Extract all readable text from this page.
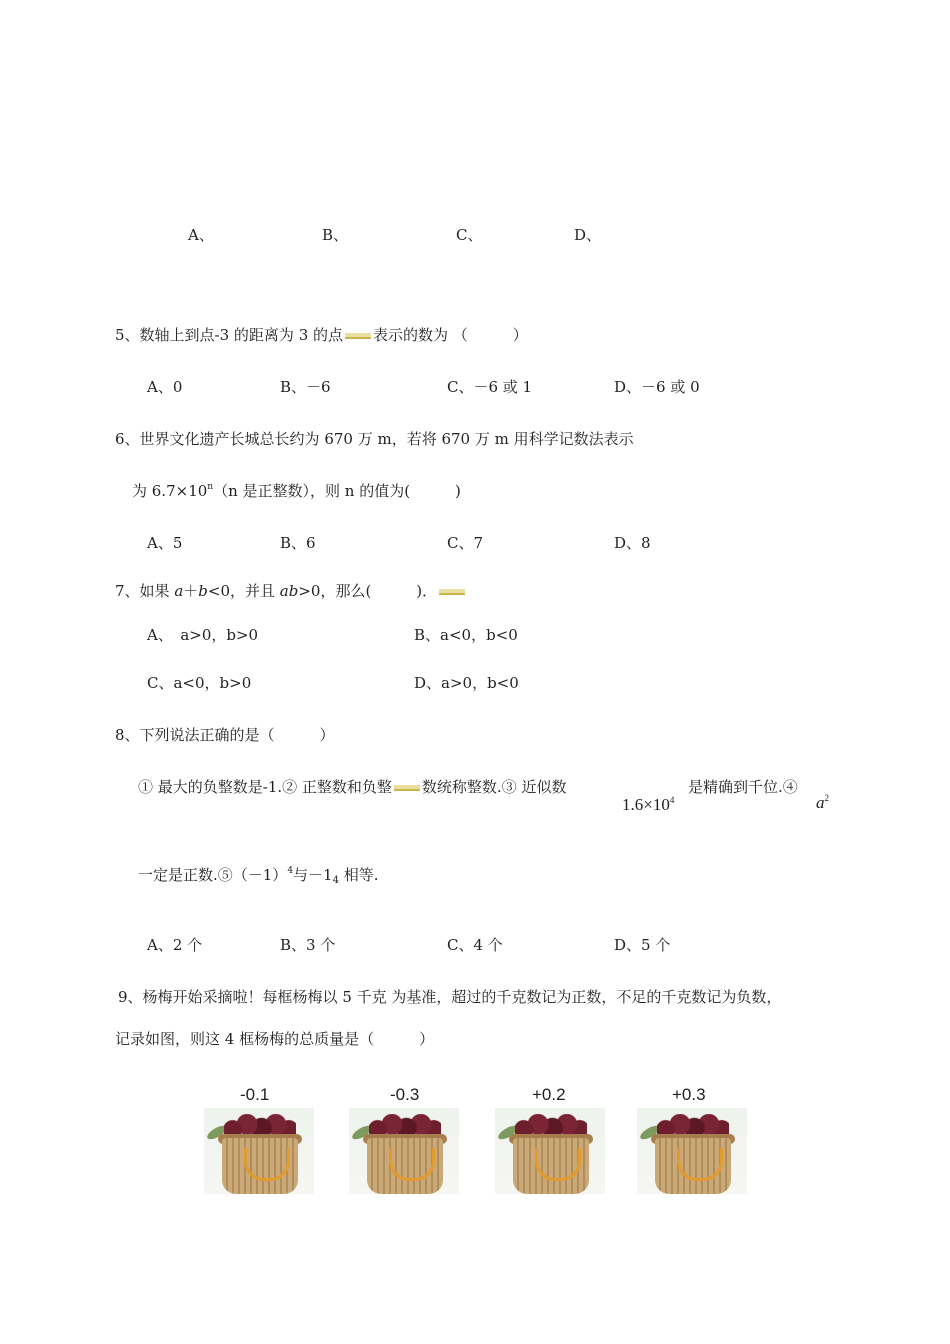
A、	B、	C、	D、
5、数轴上到点-3 的距离为 3 的点 表示的数为 （　　　）
A、0	B、－6	C、－6 或 1	D、－6 或 0
6、世界文化遗产长城总长约为 670 万 m，若将 670 万 m 用科学记数法表示
为 $6.7\times 10^n(n$ 是正整数），则 n 的值为(　　　)
A、5	B、6	C、7	D、8
7、如果 a＋b<0，并且 ab>0，那么(　　　)．
A、　a>0，b>0	B、a<0，b<0
C、a<0，b>0	D、a>0，b<0
8、下列说法正确的是（　　　）
① 最大的负整数是-1.② 正整数和负整 数统称整数.③ 近似数
$1.6\times 10^4$
是精确到千位.④
$a^2$
一定是正数$.⑤(-1)^4$与$-1_4$ 相等.
A、2 个	B、3 个	C、4 个	D、5 个
9、杨梅开始采摘啦！每框杨梅以 5 千克 为基准，超过的千克数记为正数，不足的千克数记为负数，
记录如图，则这 4 框杨梅的总质量是（　　　）
-0.1	-0.3	+0.2	+0.3
